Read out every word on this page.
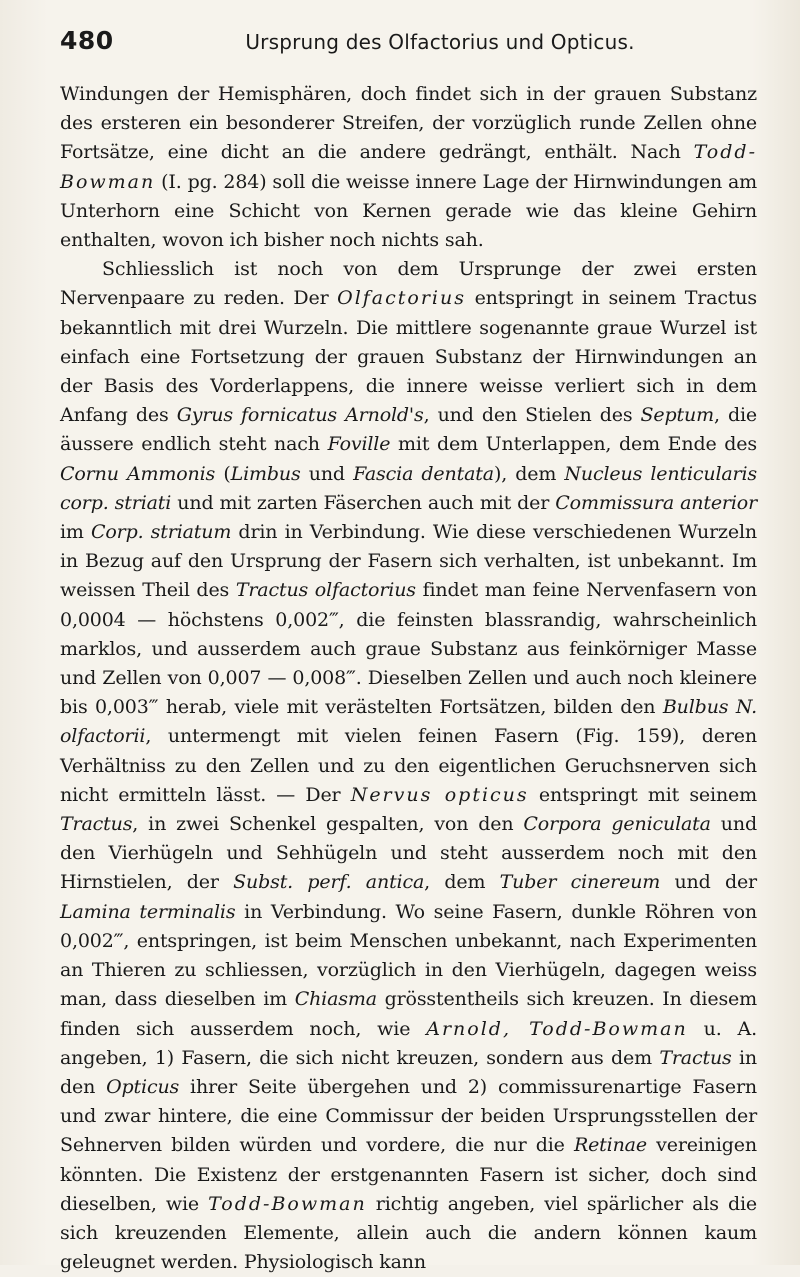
480	Ursprung des Olfactorius und Opticus.

Windungen der Hemisphären, doch findet sich in der grauen Substanz des ersteren ein besonderer Streifen, der vorzüglich runde Zellen ohne Fortsätze, eine dicht an die andere gedrängt, enthält. Nach Todd-Bowman (I. pg. 284) soll die weisse innere Lage der Hirnwindungen am Unterhorn eine Schicht von Kernen gerade wie das kleine Gehirn enthalten, wovon ich bisher noch nichts sah.

Schliesslich ist noch von dem Ursprunge der zwei ersten Nervenpaare zu reden. Der Olfactorius entspringt in seinem Tractus bekanntlich mit drei Wurzeln. Die mittlere sogenannte graue Wurzel ist einfach eine Fortsetzung der grauen Substanz der Hirnwindungen an der Basis des Vorderlappens, die innere weisse verliert sich in dem Anfang des Gyrus fornicatus Arnold's, und den Stielen des Septum, die äussere endlich steht nach Foville mit dem Unterlappen, dem Ende des Cornu Ammonis (Limbus und Fascia dentata), dem Nucleus lenticularis corp. striati und mit zarten Fäserchen auch mit der Commissura anterior im Corp. striatum drin in Verbindung. Wie diese verschiedenen Wurzeln in Bezug auf den Ursprung der Fasern sich verhalten, ist unbekannt. Im weissen Theil des Tractus olfactorius findet man feine Nervenfasern von 0,0004 — höchstens 0,002‴, die feinsten blassrandig, wahrscheinlich marklos, und ausserdem auch graue Substanz aus feinkörniger Masse und Zellen von 0,007 — 0,008‴. Dieselben Zellen und auch noch kleinere bis 0,003‴ herab, viele mit verästelten Fortsätzen, bilden den Bulbus N. olfactorii, untermengt mit vielen feinen Fasern (Fig. 159), deren Verhältniss zu den Zellen und zu den eigentlichen Geruchsnerven sich nicht ermitteln lässt. — Der Nervus opticus entspringt mit seinem Tractus, in zwei Schenkel gespalten, von den Corpora geniculata und den Vierhügeln und Sehhügeln und steht ausserdem noch mit den Hirnstielen, der Subst. perf. antica, dem Tuber cinereum und der Lamina terminalis in Verbindung. Wo seine Fasern, dunkle Röhren von 0,002‴, entspringen, ist beim Menschen unbekannt, nach Experimenten an Thieren zu schliessen, vorzüglich in den Vierhügeln, dagegen weiss man, dass dieselben im Chiasma grösstentheils sich kreuzen. In diesem finden sich ausserdem noch, wie Arnold, Todd-Bowman u. A. angeben, 1) Fasern, die sich nicht kreuzen, sondern aus dem Tractus in den Opticus ihrer Seite übergehen und 2) commissurenartige Fasern und zwar hintere, die eine Commissur der beiden Ursprungsstellen der Sehnerven bilden würden und vordere, die nur die Retinae vereinigen könnten. Die Existenz der erstgenannten Fasern ist sicher, doch sind dieselben, wie Todd-Bowman richtig angeben, viel spärlicher als die sich kreuzenden Elemente, allein auch die andern können kaum geleugnet werden. Physiologisch kann
